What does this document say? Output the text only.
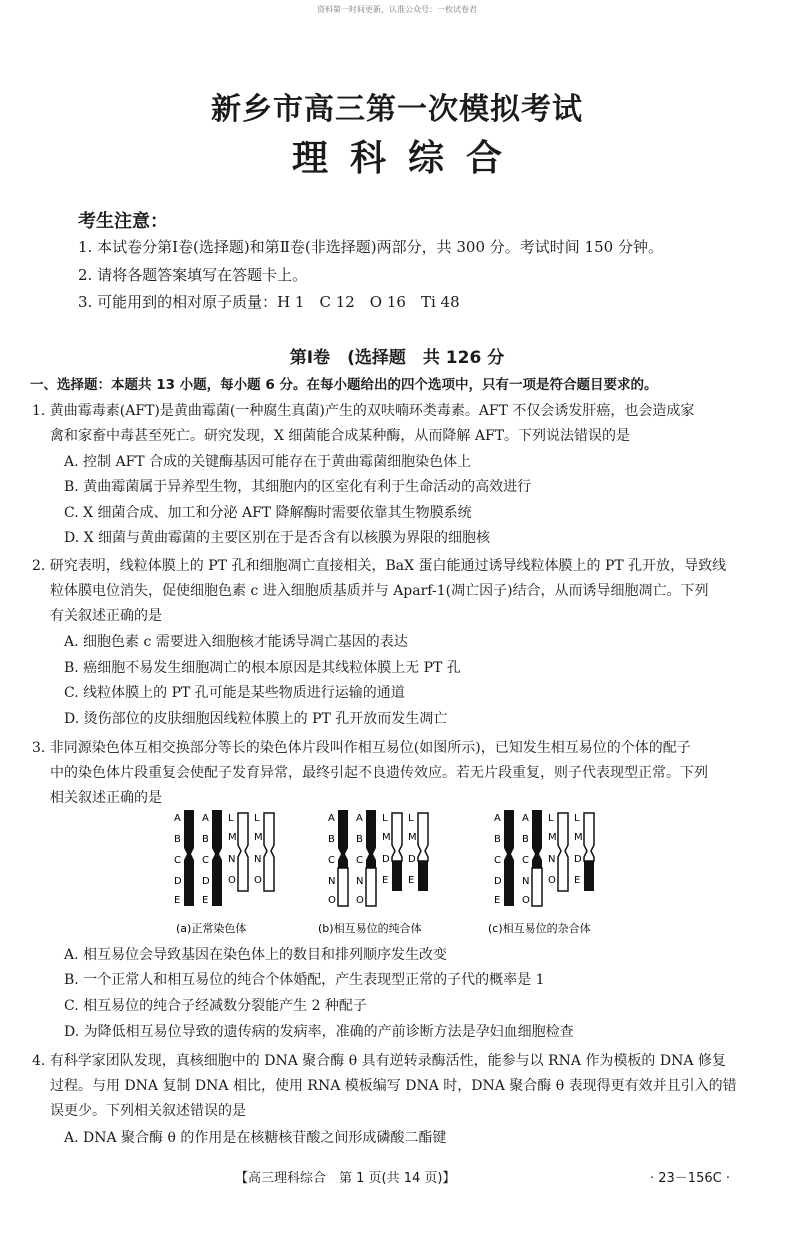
资料第一时间更新，认准公众号：一枚试卷君
新乡市高三第一次模拟考试
理科综合
考生注意：
1. 本试卷分第Ⅰ卷(选择题)和第Ⅱ卷(非选择题)两部分，共 300 分。考试时间 150 分钟。
2. 请将各题答案填写在答题卡上。
3. 可能用到的相对原子质量：H 1　C 12　O 16　Ti 48
第Ⅰ卷　(选择题　共 126 分
一、选择题：本题共 13 小题，每小题 6 分。在每小题给出的四个选项中，只有一项是符合题目要求的。
1. 黄曲霉毒素(AFT)是黄曲霉菌(一种腐生真菌)产生的双呋喃环类毒素。AFT 不仅会诱发肝癌，也会造成家
禽和家畜中毒甚至死亡。研究发现，X 细菌能合成某种酶，从而降解 AFT。下列说法错误的是
A. 控制 AFT 合成的关键酶基因可能存在于黄曲霉菌细胞染色体上
B. 黄曲霉菌属于异养型生物，其细胞内的区室化有利于生命活动的高效进行
C. X 细菌合成、加工和分泌 AFT 降解酶时需要依靠其生物膜系统
D. X 细菌与黄曲霉菌的主要区别在于是否含有以核膜为界限的细胞核
2. 研究表明，线粒体膜上的 PT 孔和细胞凋亡直接相关，BaX 蛋白能通过诱导线粒体膜上的 PT 孔开放，导致线
粒体膜电位消失，促使细胞色素 c 进入细胞质基质并与 Aparf-1(凋亡因子)结合，从而诱导细胞凋亡。下列
有关叙述正确的是
A. 细胞色素 c 需要进入细胞核才能诱导凋亡基因的表达
B. 癌细胞不易发生细胞凋亡的根本原因是其线粒体膜上无 PT 孔
C. 线粒体膜上的 PT 孔可能是某些物质进行运输的通道
D. 烫伤部位的皮肤细胞因线粒体膜上的 PT 孔开放而发生凋亡
3. 非同源染色体互相交换部分等长的染色体片段叫作相互易位(如图所示)，已知发生相互易位的个体的配子
中的染色体片段重复会使配子发育异常，最终引起不良遗传效应。若无片段重复，则子代表现型正常。下列
相关叙述正确的是
A
B
C
D
E
A
B
C
D
E
L
M
N
O
L
M
N
O
A
B
C
N
O
A
B
C
N
O
L
M
D
E
L
M
D
E
A
B
C
D
E
A
B
C
N
O
L
M
N
O
L
M
D
E
(a)正常染色体	(b)相互易位的纯合体	(c)相互易位的杂合体
A. 相互易位会导致基因在染色体上的数目和排列顺序发生改变
B. 一个正常人和相互易位的纯合个体婚配，产生表现型正常的子代的概率是 1
C. 相互易位的纯合子经减数分裂能产生 2 种配子
D. 为降低相互易位导致的遗传病的发病率，准确的产前诊断方法是孕妇血细胞检查
4. 有科学家团队发现，真核细胞中的 DNA 聚合酶 θ 具有逆转录酶活性，能参与以 RNA 作为模板的 DNA 修复
过程。与用 DNA 复制 DNA 相比，使用 RNA 模板编写 DNA 时，DNA 聚合酶 θ 表现得更有效并且引入的错
误更少。下列相关叙述错误的是
A. DNA 聚合酶 θ 的作用是在核糖核苷酸之间形成磷酸二酯键
【高三理科综合　第 1 页(共 14 页)】	· 23－156C ·
